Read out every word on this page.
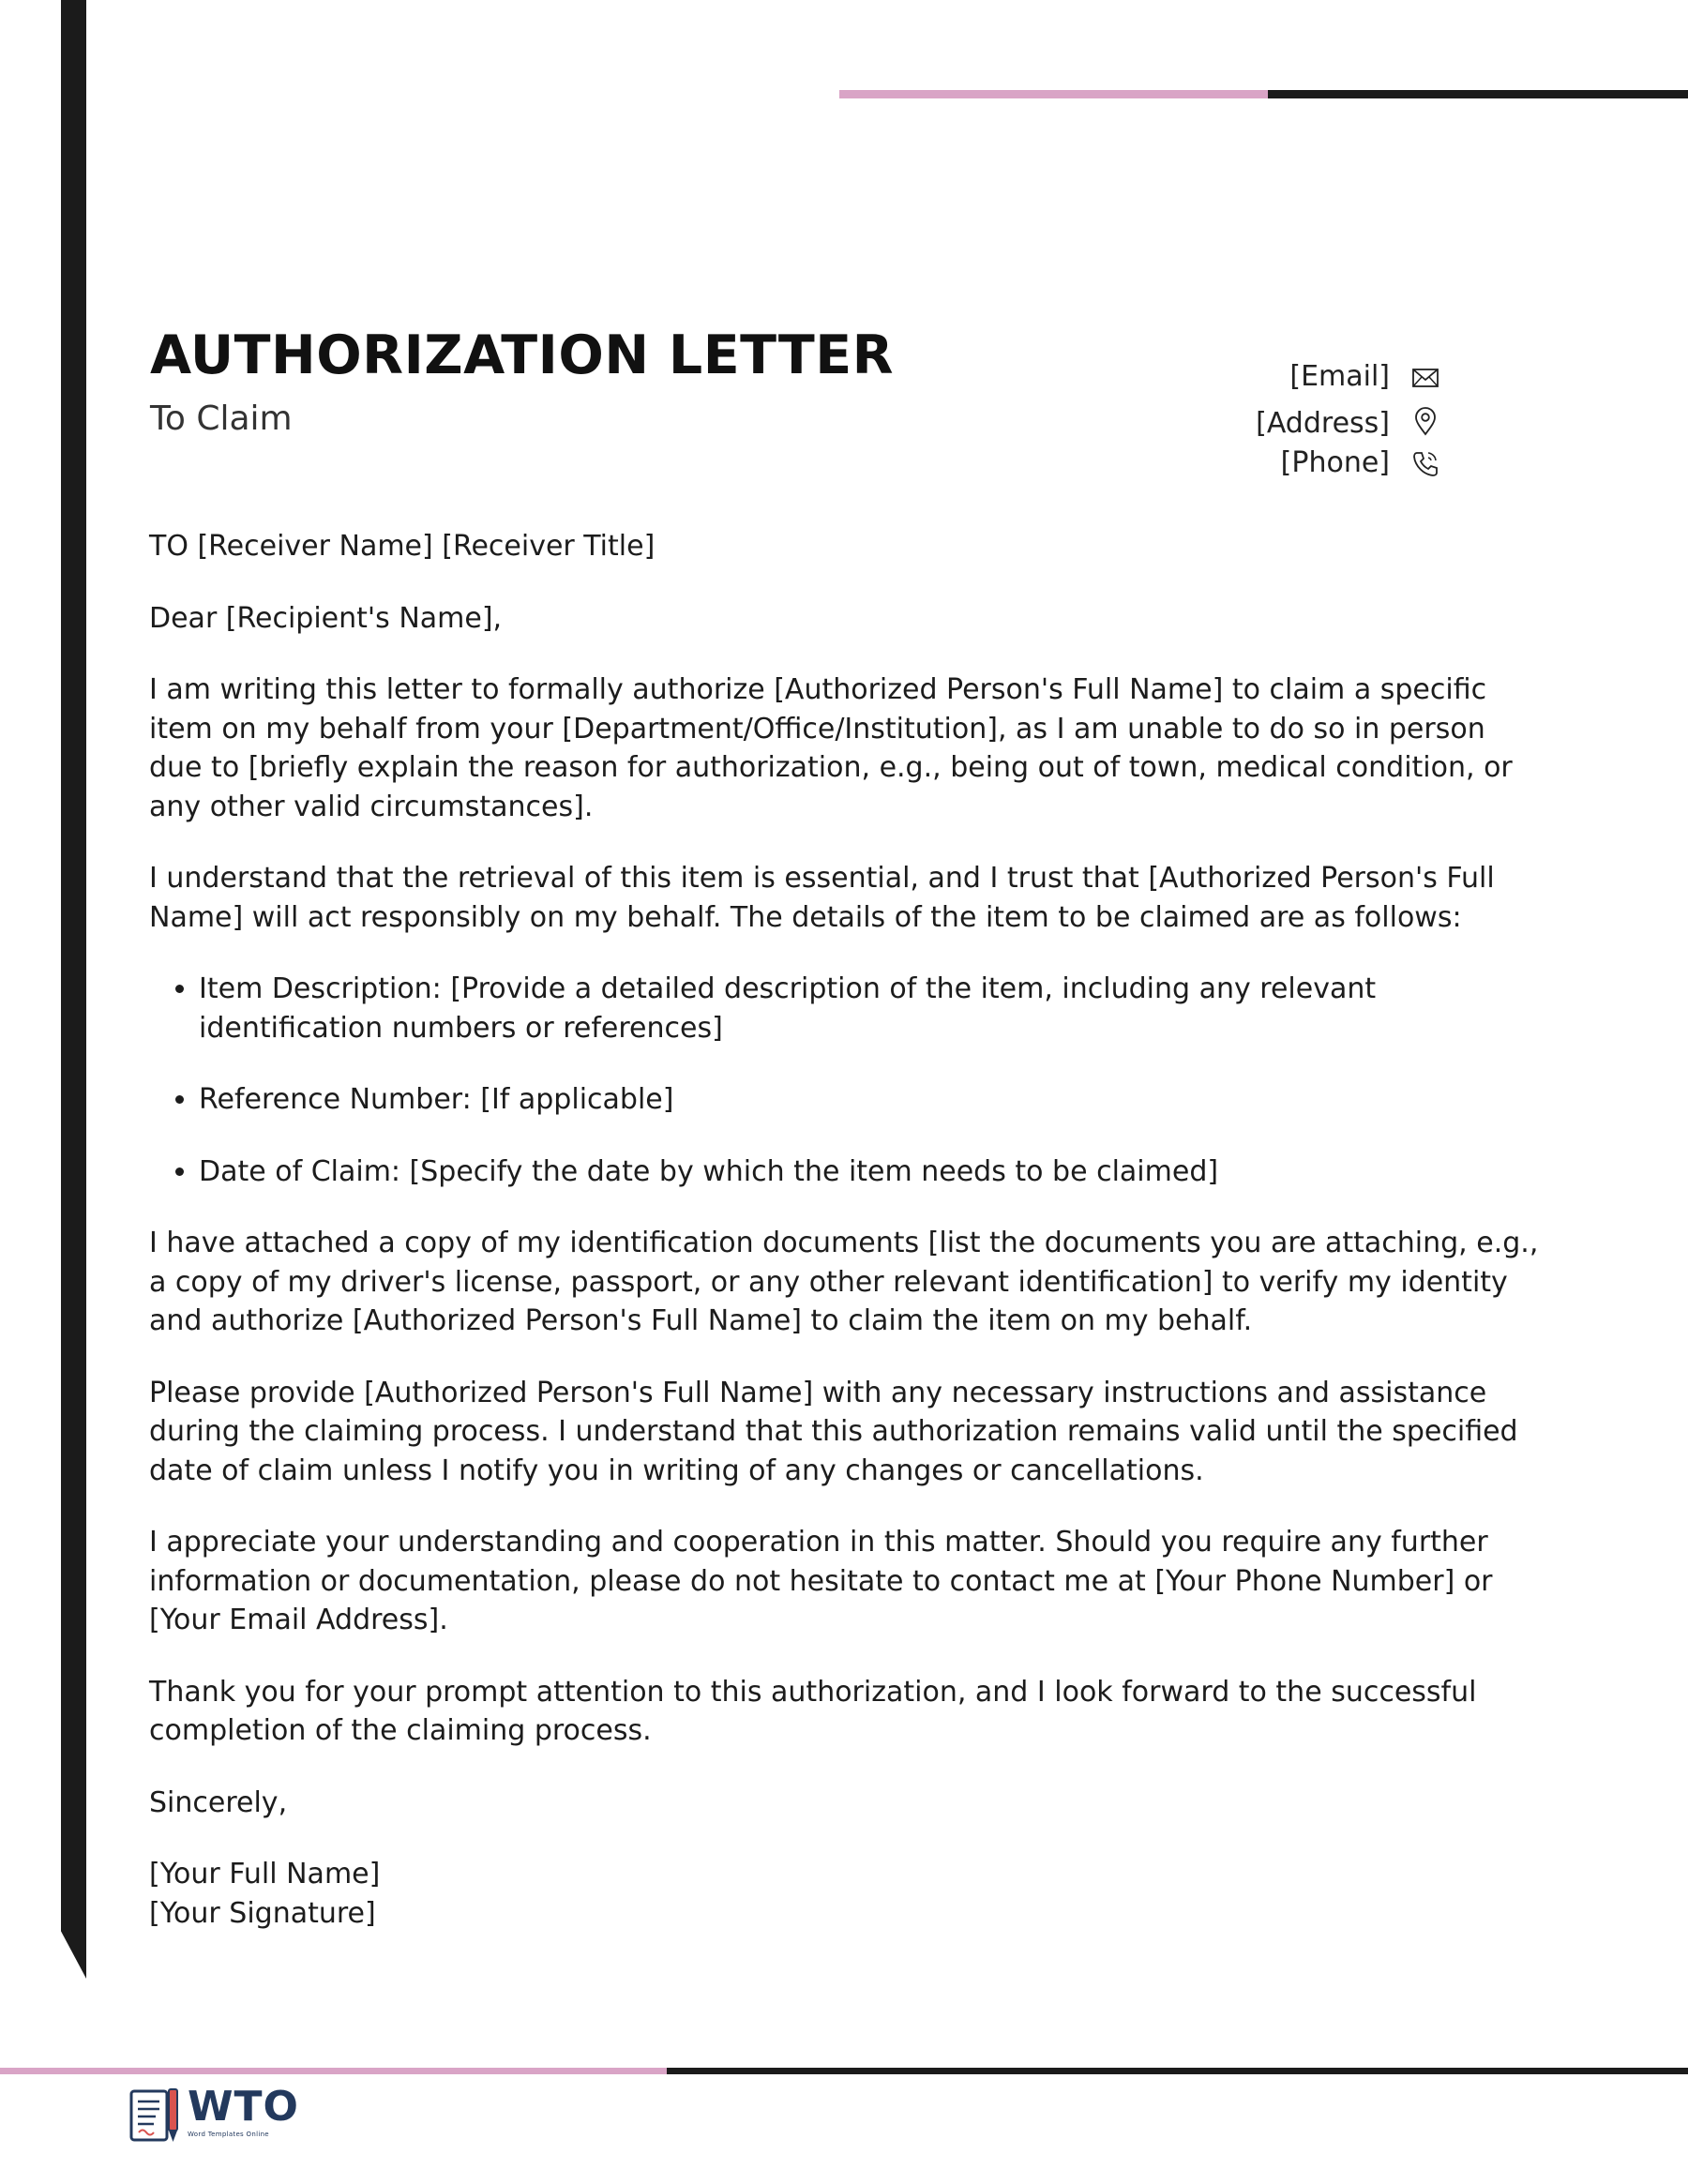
AUTHORIZATION LETTER
To Claim
[Email]
[Address]
[Phone]

TO [Receiver Name] [Receiver Title]

Dear [Recipient's Name],

I am writing this letter to formally authorize [Authorized Person's Full Name] to claim a specific item on my behalf from your [Department/Office/Institution], as I am unable to do so in person due to [briefly explain the reason for authorization, e.g., being out of town, medical condition, or any other valid circumstances].

I understand that the retrieval of this item is essential, and I trust that [Authorized Person's Full Name] will act responsibly on my behalf. The details of the item to be claimed are as follows:

• Item Description: [Provide a detailed description of the item, including any relevant identification numbers or references]
• Reference Number: [If applicable]
• Date of Claim: [Specify the date by which the item needs to be claimed]

I have attached a copy of my identification documents [list the documents you are attaching, e.g., a copy of my driver's license, passport, or any other relevant identification] to verify my identity and authorize [Authorized Person's Full Name] to claim the item on my behalf.

Please provide [Authorized Person's Full Name] with any necessary instructions and assistance during the claiming process. I understand that this authorization remains valid until the specified date of claim unless I notify you in writing of any changes or cancellations.

I appreciate your understanding and cooperation in this matter. Should you require any further information or documentation, please do not hesitate to contact me at [Your Phone Number] or [Your Email Address].

Thank you for your prompt attention to this authorization, and I look forward to the successful completion of the claiming process.

Sincerely,

[Your Full Name]

[Your Signature]

WTO
Word Templates Online
